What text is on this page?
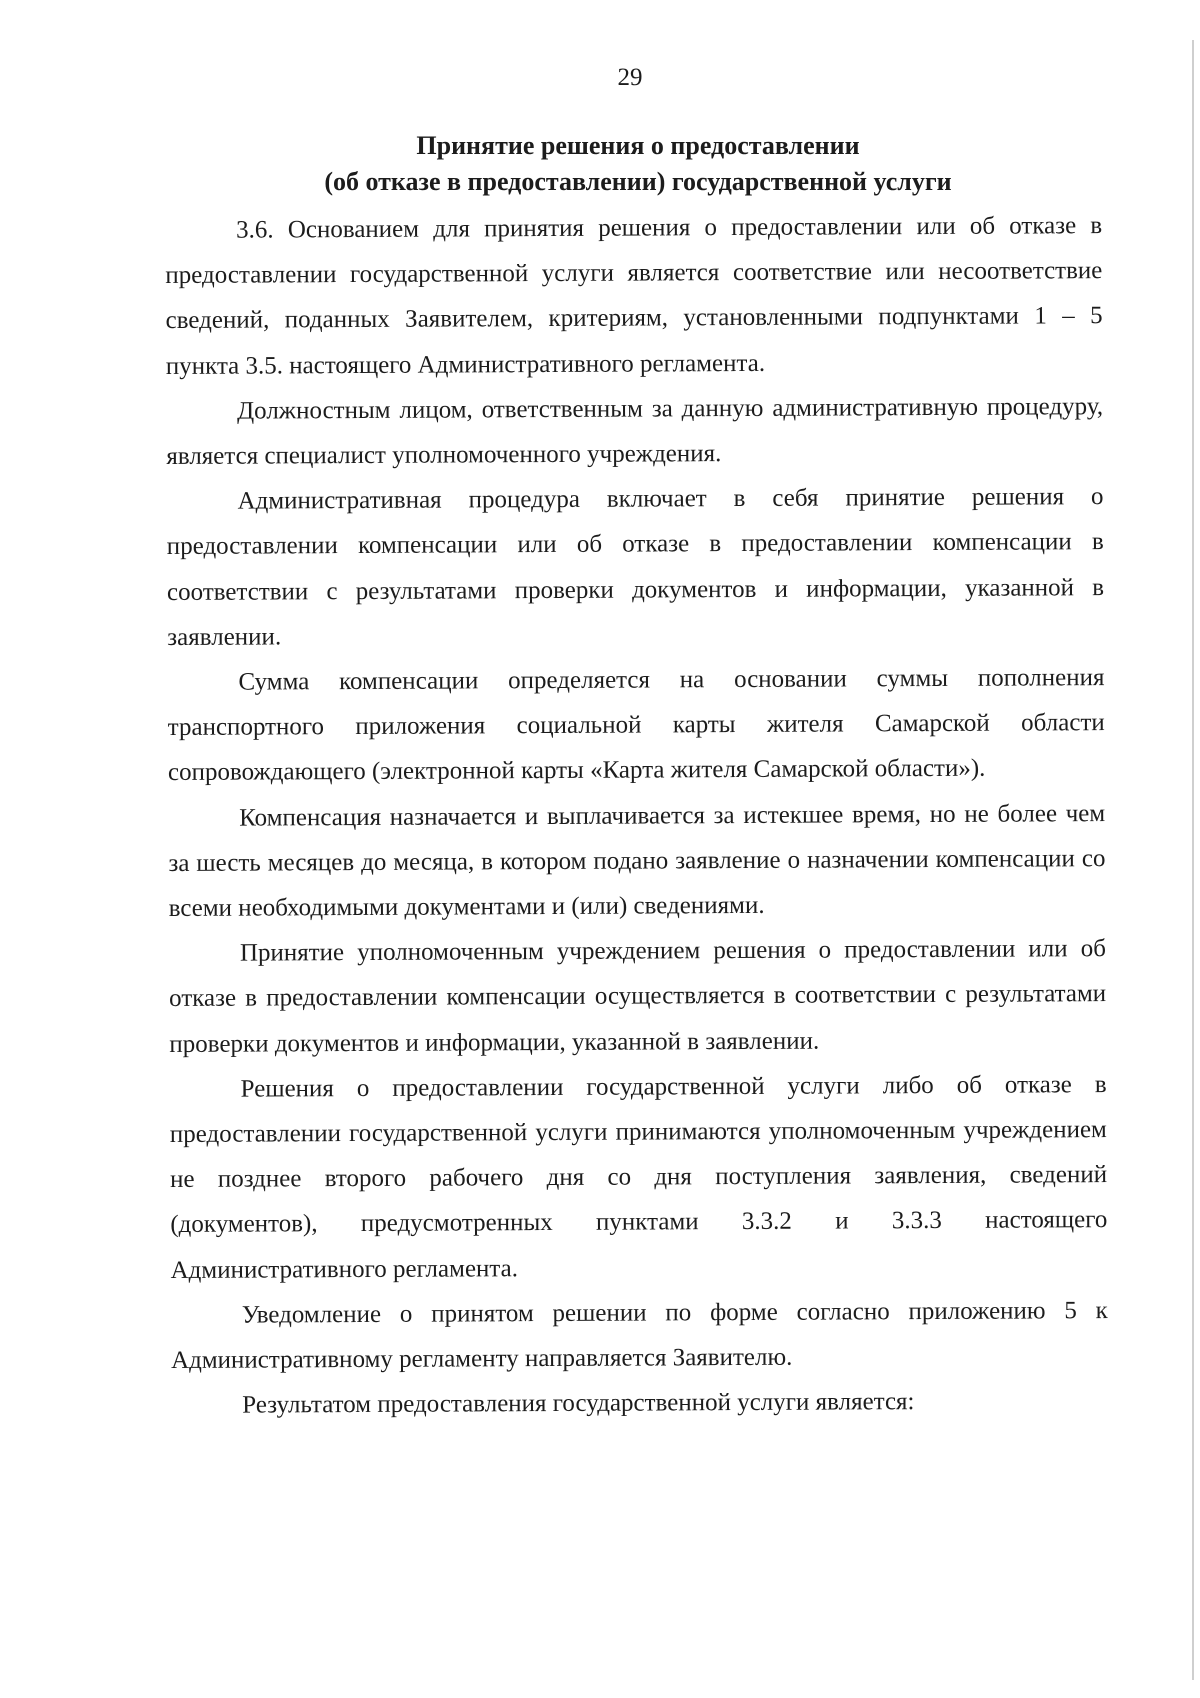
29
Принятие решения о предоставлении
(об отказе в предоставлении) государственной услуги

3.6. Основанием для принятия решения о предоставлении или об отказе в предоставлении государственной услуги является соответствие или несоответствие сведений, поданных Заявителем, критериям, установленными подпунктами 1 – 5 пункта 3.5. настоящего Административного регламента.

Должностным лицом, ответственным за данную административную процедуру, является специалист уполномоченного учреждения.

Административная процедура включает в себя принятие решения о предоставлении компенсации или об отказе в предоставлении компенсации в соответствии с результатами проверки документов и информации, указанной в заявлении.

Сумма компенсации определяется на основании суммы пополнения транспортного приложения социальной карты жителя Самарской области сопровождающего (электронной карты «Карта жителя Самарской области»).

Компенсация назначается и выплачивается за истекшее время, но не более чем за шесть месяцев до месяца, в котором подано заявление о назначении компенсации со всеми необходимыми документами и (или) сведениями.

Принятие уполномоченным учреждением решения о предоставлении или об отказе в предоставлении компенсации осуществляется в соответствии с результатами проверки документов и информации, указанной в заявлении.

Решения о предоставлении государственной услуги либо об отказе в предоставлении государственной услуги принимаются уполномоченным учреждением не позднее второго рабочего дня со дня поступления заявления, сведений (документов), предусмотренных пунктами 3.3.2 и 3.3.3 настоящего Административного регламента.

Уведомление о принятом решении по форме согласно приложению 5 к Административному регламенту направляется Заявителю.

Результатом предоставления государственной услуги является:
